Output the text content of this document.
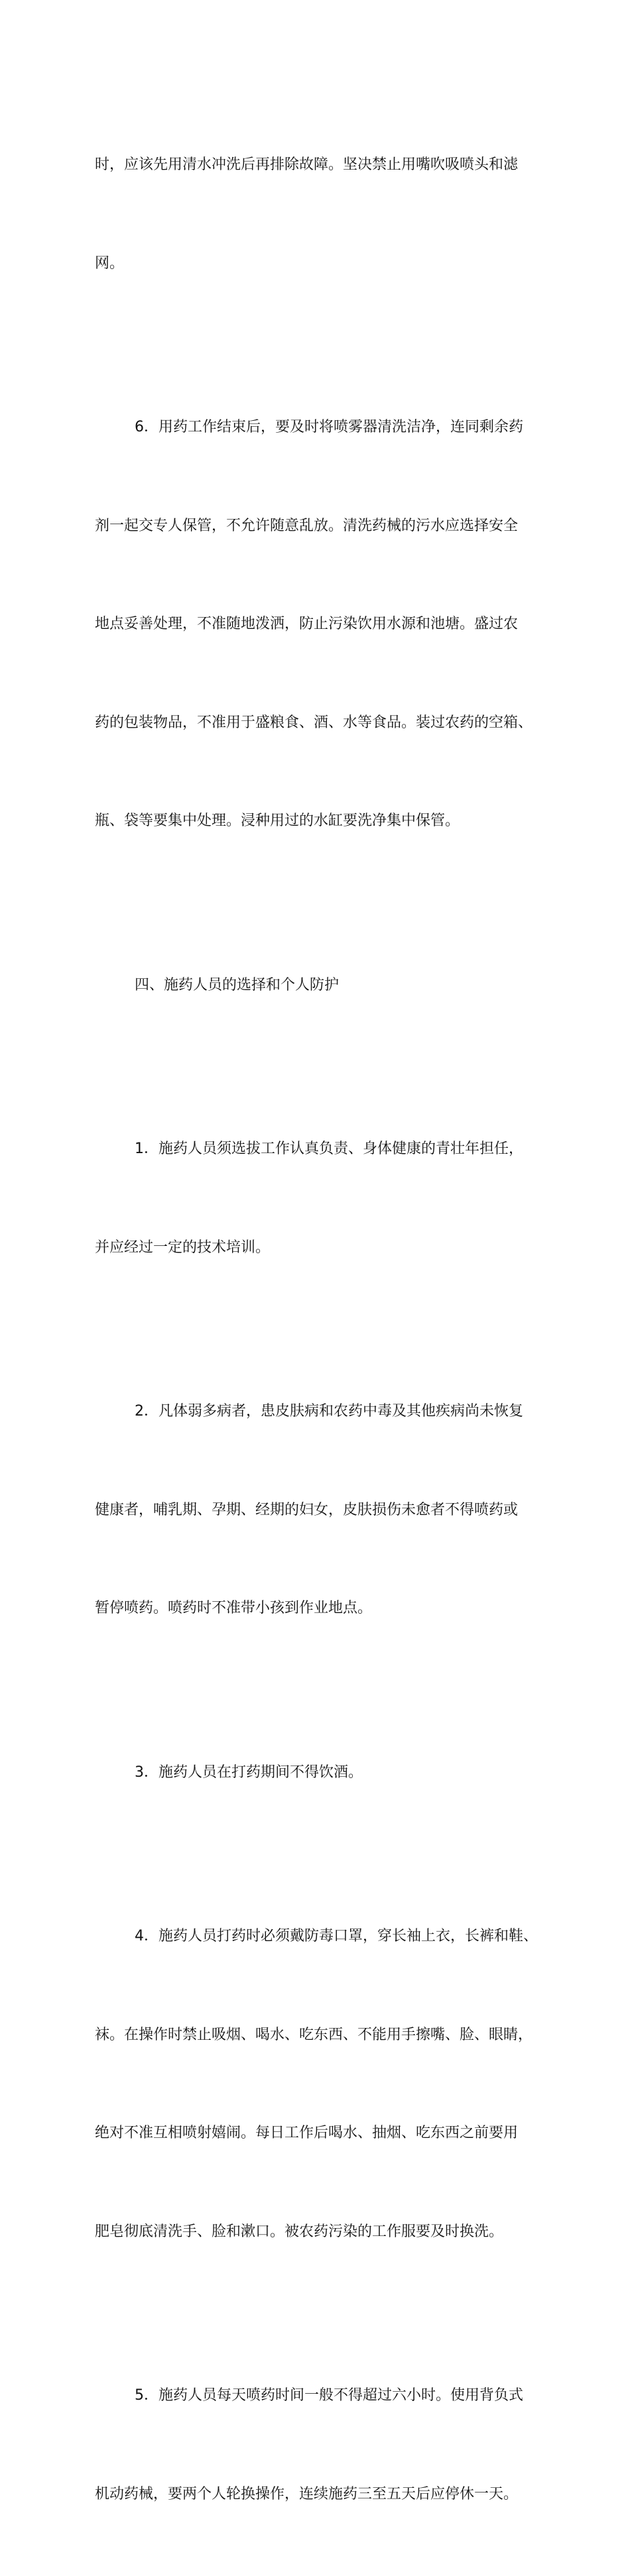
时，应该先用清水冲洗后再排除故障。坚决禁止用嘴吹吸喷头和滤

网。

6．用药工作结束后，要及时将喷雾器清洗洁净，连同剩余药

剂一起交专人保管，不允许随意乱放。清洗药械的污水应选择安全

地点妥善处理，不准随地泼洒，防止污染饮用水源和池塘。盛过农

药的包装物品，不准用于盛粮食、酒、水等食品。装过农药的空箱、

瓶、袋等要集中处理。浸种用过的水缸要洗净集中保管。

四、施药人员的选择和个人防护

1．施药人员须选拔工作认真负责、身体健康的青壮年担任，

并应经过一定的技术培训。

2．凡体弱多病者，患皮肤病和农药中毒及其他疾病尚未恢复

健康者，哺乳期、孕期、经期的妇女，皮肤损伤未愈者不得喷药或

暂停喷药。喷药时不准带小孩到作业地点。

3．施药人员在打药期间不得饮酒。

4．施药人员打药时必须戴防毒口罩，穿长袖上衣，长裤和鞋、

袜。在操作时禁止吸烟、喝水、吃东西、不能用手擦嘴、脸、眼睛，

绝对不准互相喷射嬉闹。每日工作后喝水、抽烟、吃东西之前要用

肥皂彻底清洗手、脸和漱口。被农药污染的工作服要及时换洗。

5．施药人员每天喷药时间一般不得超过六小时。使用背负式

机动药械，要两个人轮换操作，连续施药三至五天后应停休一天。
